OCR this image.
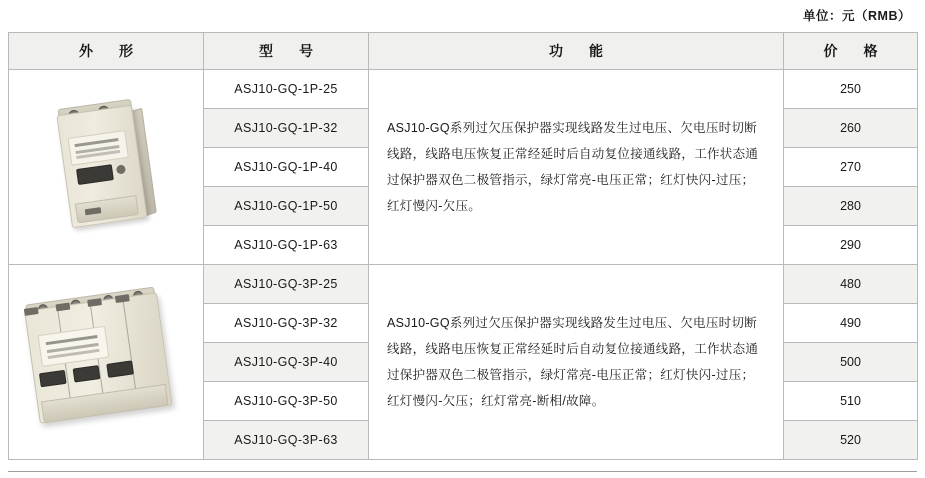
单位：元（RMB）
外　形	型　号	功　能	价　格

	ASJ10-GQ-1P-25	ASJ10-GQ系列过欠压保护器实现线路发生过电压、欠电压时切断线路，线路电压恢复正常经延时后自动复位接通线路，工作状态通过保护器双色二极管指示，绿灯常亮-电压正常；红灯快闪-过压；红灯慢闪-欠压。	250
	ASJ10-GQ-1P-32		260
	ASJ10-GQ-1P-40		270
	ASJ10-GQ-1P-50		280
	ASJ10-GQ-1P-63		290

	ASJ10-GQ-3P-25	ASJ10-GQ系列过欠压保护器实现线路发生过电压、欠电压时切断线路，线路电压恢复正常经延时后自动复位接通线路，工作状态通过保护器双色二极管指示，绿灯常亮-电压正常；红灯快闪-过压；红灯慢闪-欠压；红灯常亮-断相/故障。	480
	ASJ10-GQ-3P-32		490
	ASJ10-GQ-3P-40		500
	ASJ10-GQ-3P-50		510
	ASJ10-GQ-3P-63		520
